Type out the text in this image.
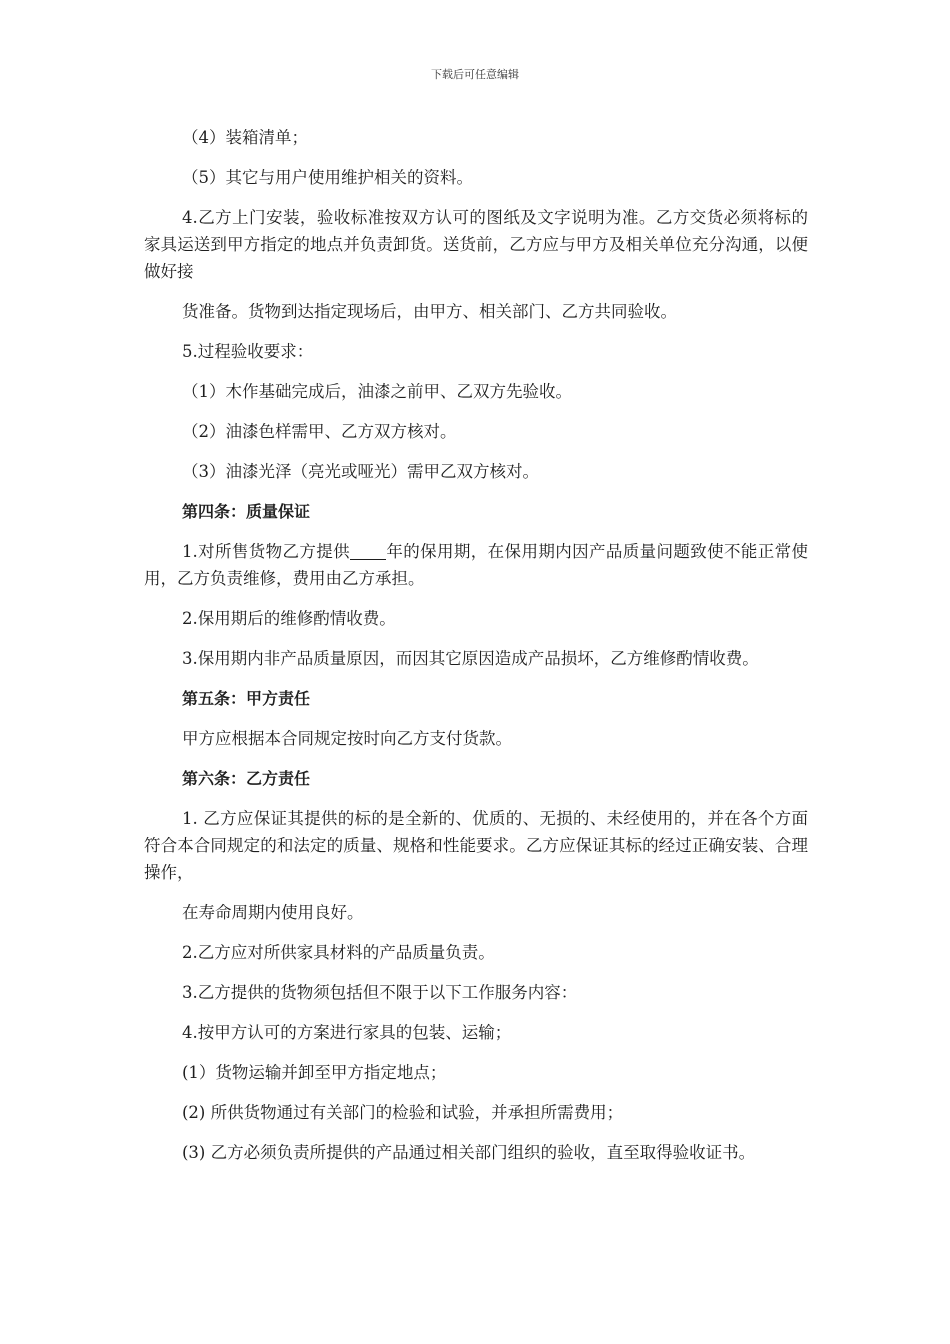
下载后可任意编辑

（4）装箱清单；

（5）其它与用户使用维护相关的资料。

4.乙方上门安装，验收标准按双方认可的图纸及文字说明为准。乙方交货必须将标的家具运送到甲方指定的地点并负责卸货。送货前，乙方应与甲方及相关单位充分沟通，以便做好接

货准备。货物到达指定现场后，由甲方、相关部门、乙方共同验收。

5.过程验收要求：

（1）木作基础完成后，油漆之前甲、乙双方先验收。

（2）油漆色样需甲、乙方双方核对。

（3）油漆光泽（亮光或哑光）需甲乙双方核对。

第四条：质量保证

1.对所售货物乙方提供 年的保用期，在保用期内因产品质量问题致使不能正常使用，乙方负责维修，费用由乙方承担。

2.保用期后的维修酌情收费。

3.保用期内非产品质量原因，而因其它原因造成产品损坏，乙方维修酌情收费。

第五条：甲方责任

甲方应根据本合同规定按时向乙方支付货款。

第六条：乙方责任

1. 乙方应保证其提供的标的是全新的、优质的、无损的、未经使用的，并在各个方面符合本合同规定的和法定的质量、规格和性能要求。乙方应保证其标的经过正确安装、合理操作，

在寿命周期内使用良好。

2.乙方应对所供家具材料的产品质量负责。

3.乙方提供的货物须包括但不限于以下工作服务内容：

4.按甲方认可的方案进行家具的包装、运输；

(1）货物运输并卸至甲方指定地点；

(2) 所供货物通过有关部门的检验和试验，并承担所需费用；

(3) 乙方必须负责所提供的产品通过相关部门组织的验收，直至取得验收证书。
